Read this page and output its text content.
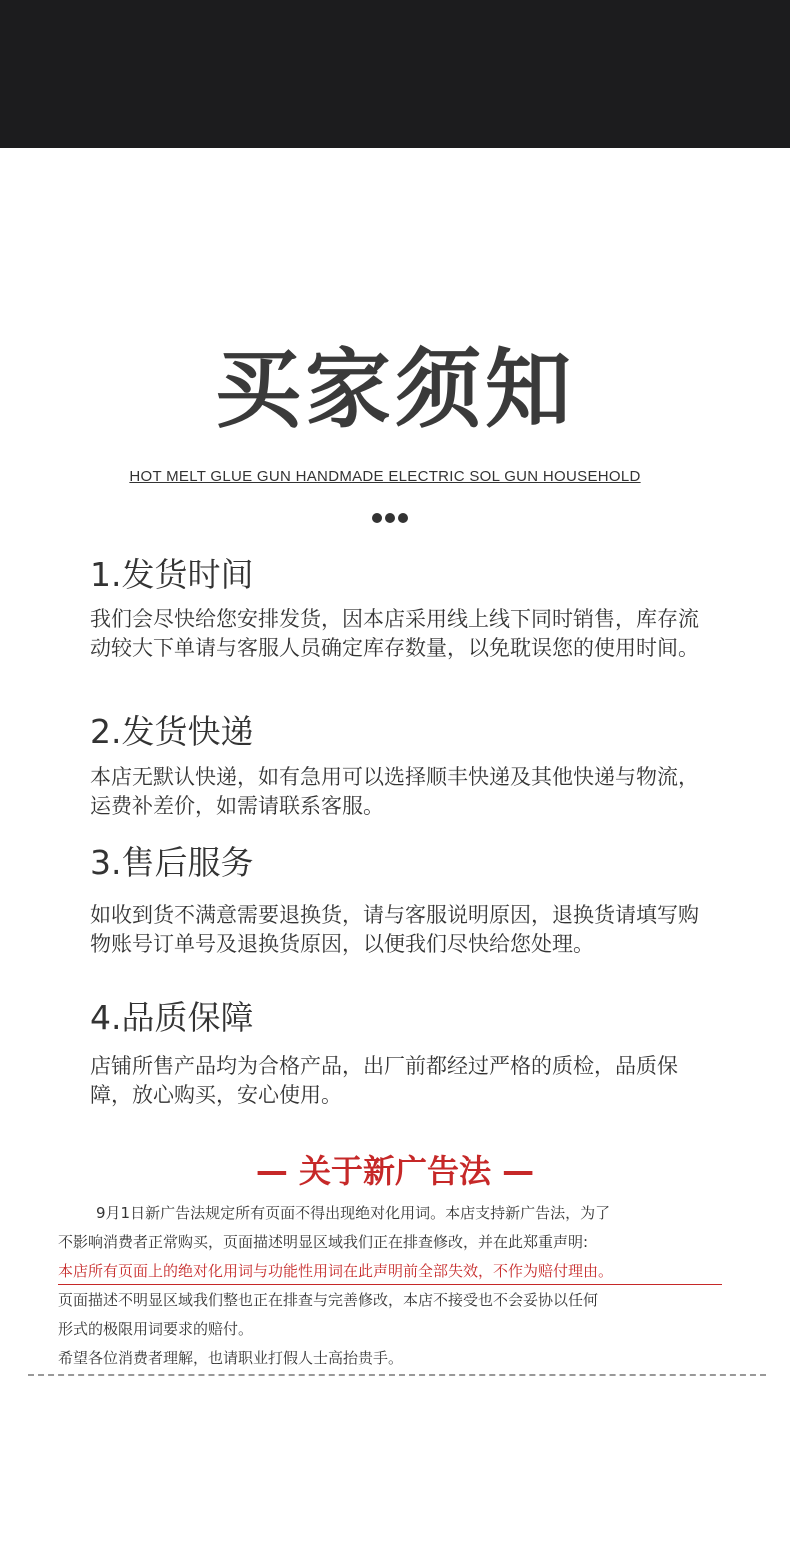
买家须知
HOT MELT GLUE GUN HANDMADE ELECTRIC SOL GUN HOUSEHOLD
1.发货时间

我们会尽快给您安排发货，因本店采用线上线下同时销售，库存流动较大下单请与客服人员确定库存数量，以免耽误您的使用时间。

2.发货快递

本店无默认快递，如有急用可以选择顺丰快递及其他快递与物流，运费补差价，如需请联系客服。

3.售后服务

如收到货不满意需要退换货，请与客服说明原因，退换货请填写购物账号订单号及退换货原因，以便我们尽快给您处理。

4.品质保障

店铺所售产品均为合格产品，出厂前都经过严格的质检，品质保障，放心购买，安心使用。

— 关于新广告法 —
9月1日新广告法规定所有页面不得出现绝对化用词。本店支持新广告法，为了
不影响消费者正常购买，页面描述明显区域我们正在排查修改，并在此郑重声明:
本店所有页面上的绝对化用词与功能性用词在此声明前全部失效，不作为赔付理由。
页面描述不明显区域我们整也正在排查与完善修改，本店不接受也不会妥协以任何
形式的极限用词要求的赔付。
希望各位消费者理解，也请职业打假人士高抬贵手。
